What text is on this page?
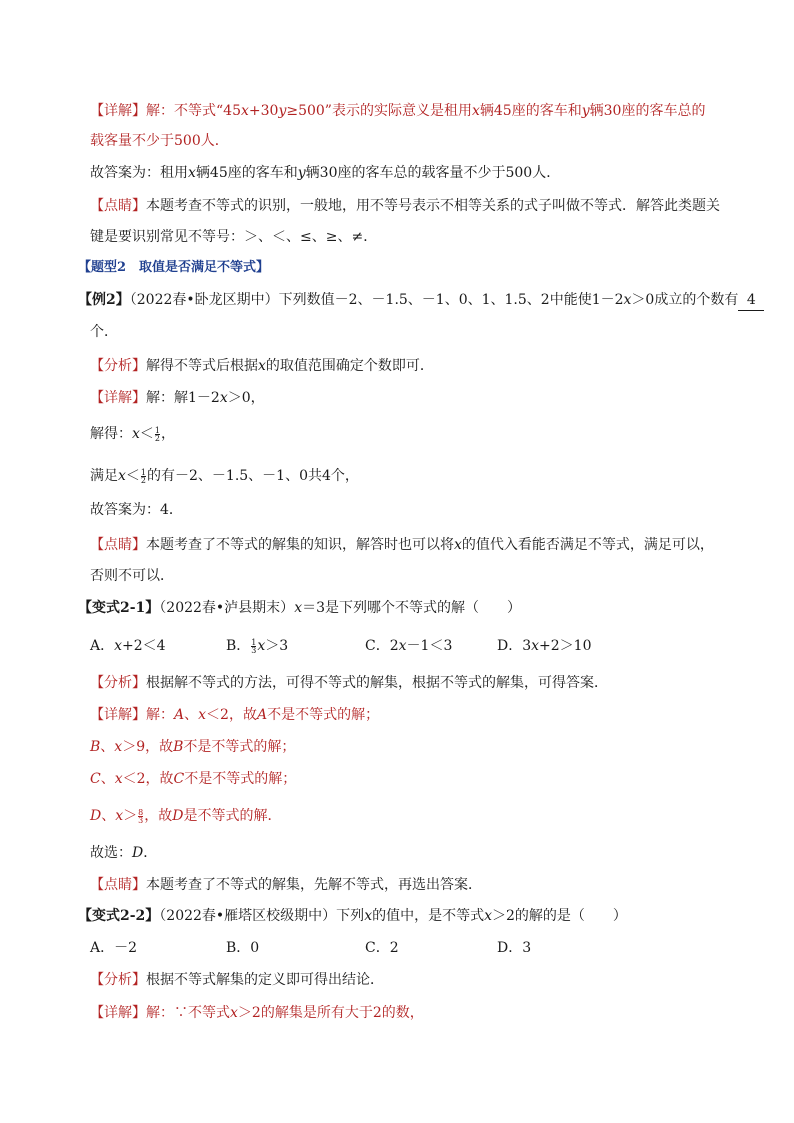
【详解】解：不等式“45x+30y≥500”表示的实际意义是租用x辆45座的客车和y辆30座的客车总的
载客量不少于500人．
故答案为：租用x辆45座的客车和y辆30座的客车总的载客量不少于500人．
【点睛】本题考查不等式的识别，一般地，用不等号表示不相等关系的式子叫做不等式．解答此类题关
键是要识别常见不等号：＞、＜、≤、≥、≠．
【题型2　取值是否满足不等式】
【例2】（2022春•卧龙区期中）下列数值－2、－1.5、－1、0、1、1.5、2中能使1－2x＞0成立的个数有 4
个．
【分析】解得不等式后根据x的取值范围确定个数即可．
【详解】解：解1－2x＞0，
解得：$x< \frac{1}{2}$ ，
满足$x< \frac{1}{2}$ 的有－2、－1.5、－1、0共4个，
故答案为：4．
【点睛】本题考查了不等式的解集的知识，解答时也可以将x的值代入看能否满足不等式，满足可以，
否则不可以．
【变式2-1】（2022春•泸县期末）x＝3是下列哪个不等式的解（　　）
A．x+2＜4	B． $\frac{1}{3} x>3$	C．2x－1＜3	D．3x+2＞10
【分析】根据解不等式的方法，可得不等式的解集，根据不等式的解集，可得答案．
【详解】解：A、x＜2，故A不是不等式的解；
B、x＞9，故B不是不等式的解；
C、x＜2，故C不是不等式的解；
D、$x> \frac{8}{3}$ ，故D是不等式的解．
故选：D．
【点睛】本题考查了不等式的解集，先解不等式，再选出答案．
【变式2-2】（2022春•雁塔区校级期中）下列x的值中，是不等式x＞2的解的是（　　）
A．－2	B．0	C．2	D．3
【分析】根据不等式解集的定义即可得出结论．
【详解】解：∵不等式x＞2的解集是所有大于2的数，
